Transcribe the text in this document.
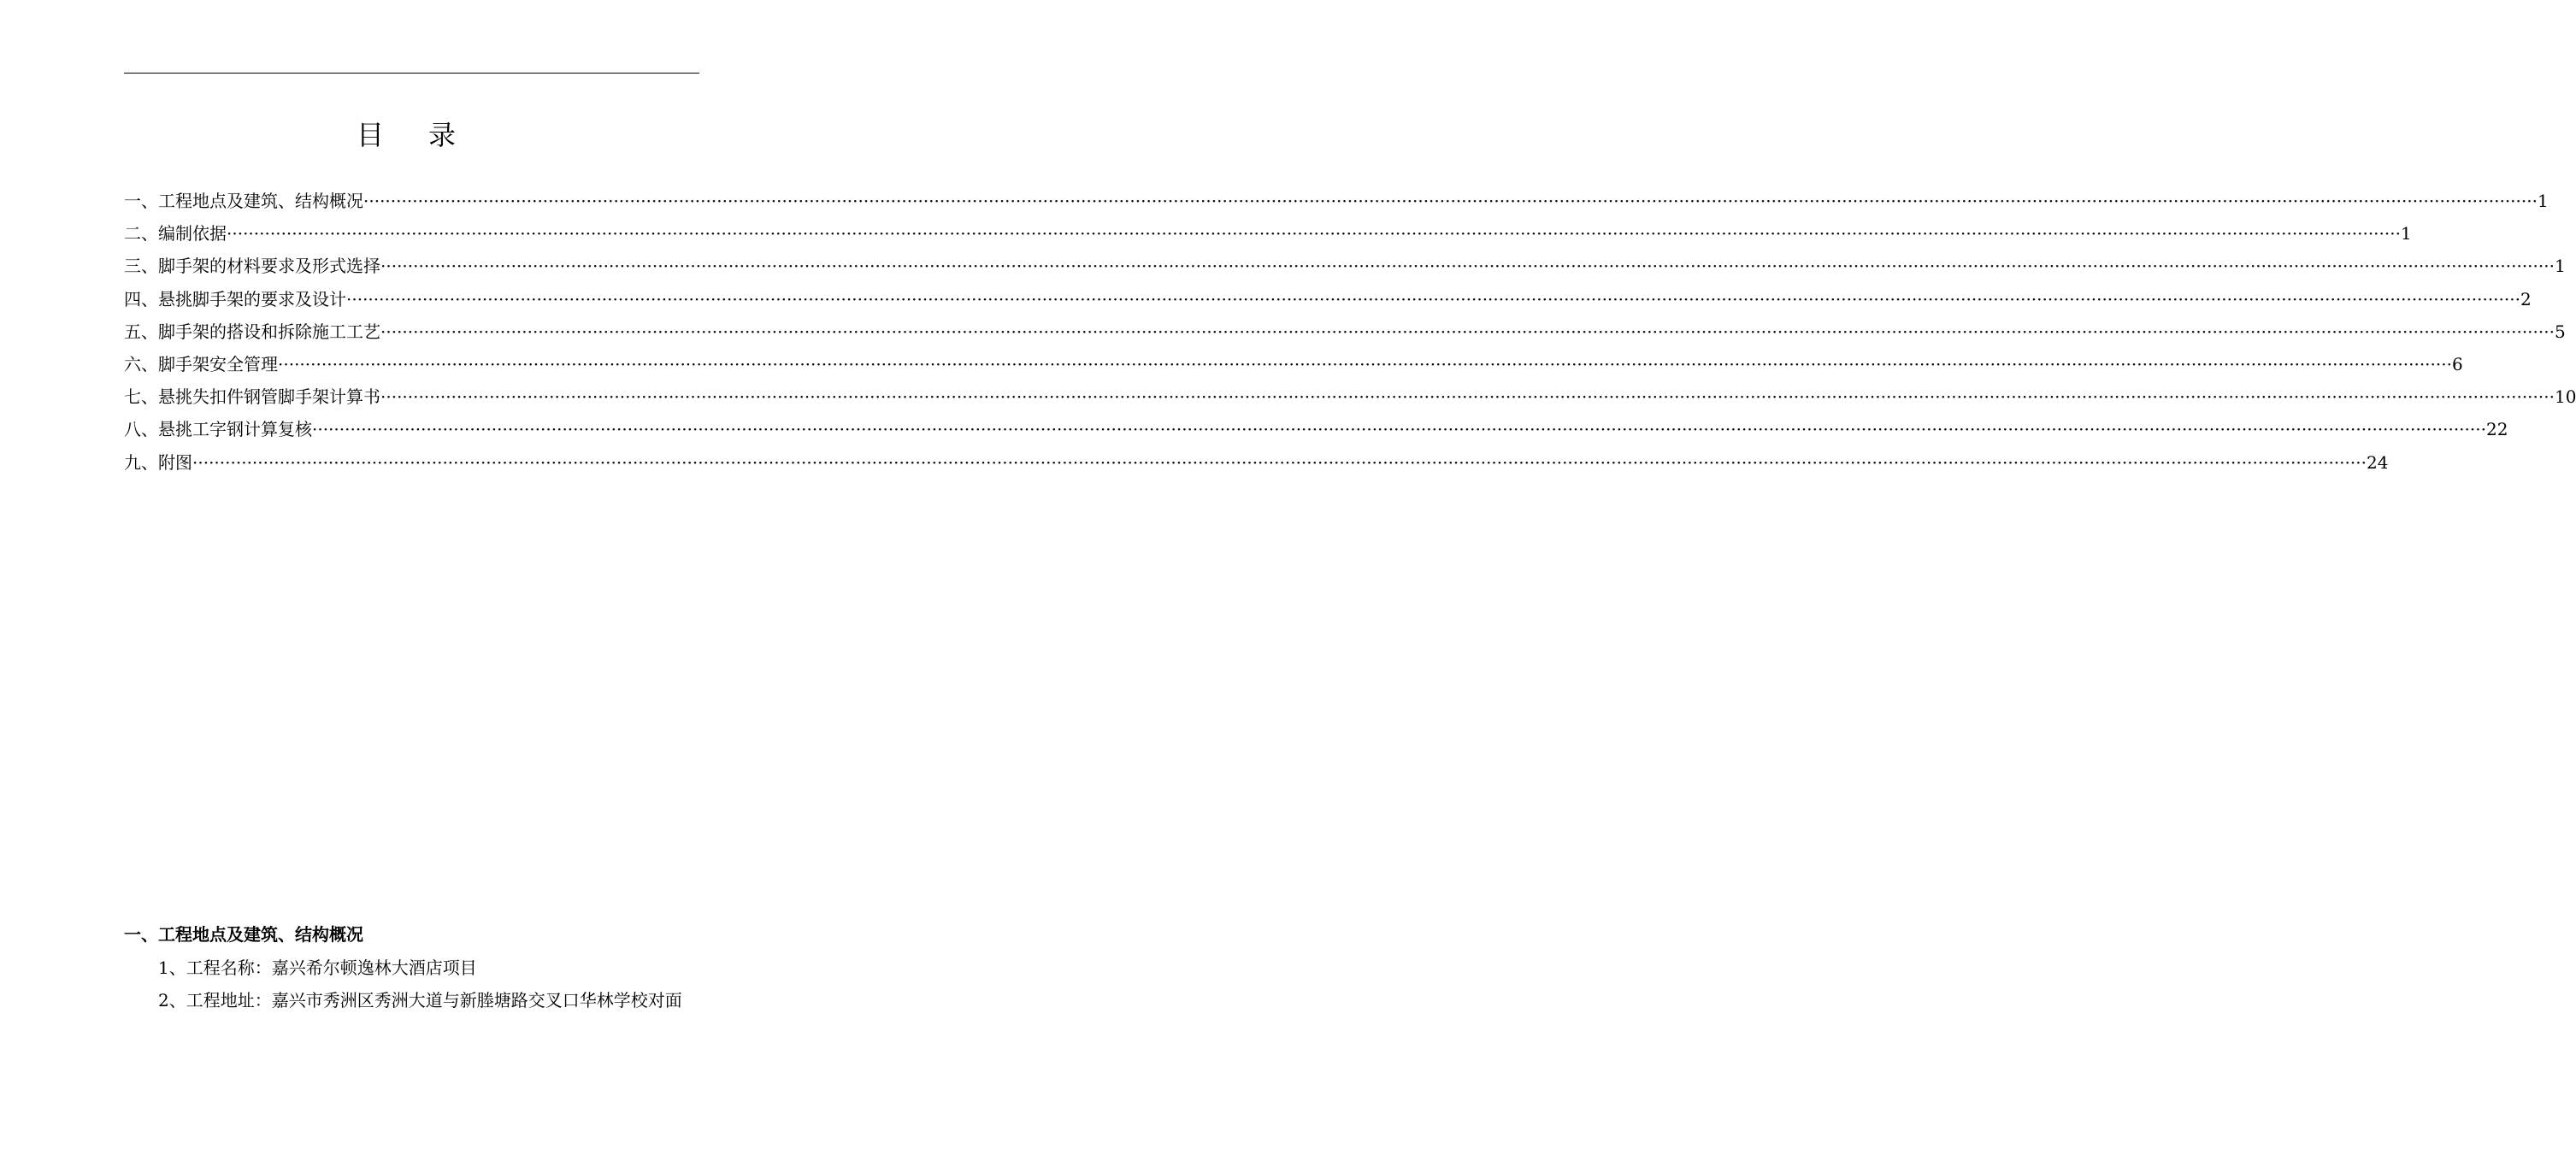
目 录
一、工程地点及建筑、结构概况 ················································································································································································································································································································································································································ 1
二、编制依据 ················································································································································································································································································································································································································ 1
三、脚手架的材料要求及形式选择 ················································································································································································································································································································································································································ 1
四、悬挑脚手架的要求及设计 ················································································································································································································································································································································································································ 2
五、脚手架的搭设和拆除施工工艺 ················································································································································································································································································································································································································ 5
六、脚手架安全管理 ················································································································································································································································································································································································································ 6
七、悬挑失扣件钢管脚手架计算书 ················································································································································································································································································································································································································ 10
八、悬挑工字钢计算复核 ················································································································································································································································································································································································································ 22
九、附图 ················································································································································································································································································································································································································ 24
一、工程地点及建筑、结构概况

1、工程名称：嘉兴希尔顿逸林大酒店项目

2、工程地址：嘉兴市秀洲区秀洲大道与新塍塘路交叉口华林学校对面
